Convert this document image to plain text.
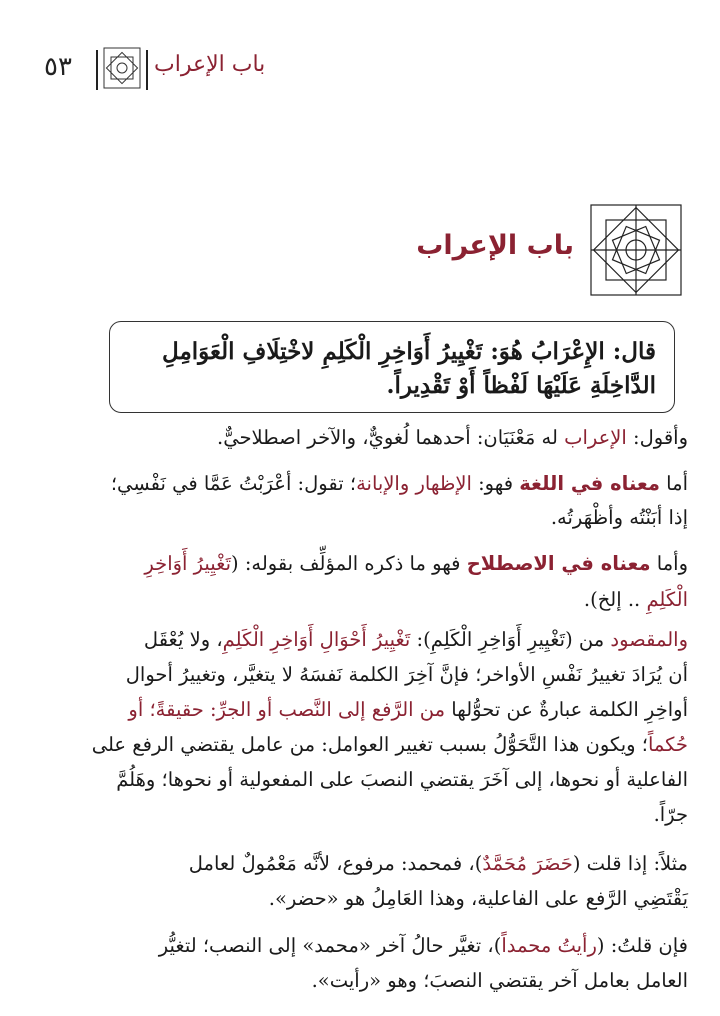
٥٣	باب الإعراب
باب الإعراب
قال: الإِعْرَابُ هُوَ: تَغْيِيرُ أَوَاخِرِ الْكَلِمِ لاخْتِلَافِ الْعَوَامِلِ
الدَّاخِلَةِ عَلَيْهَا لَفْظاً أَوْ تَقْدِيراً.
وأقول: الإعراب له مَعْنَيَان: أحدهما لُغويٌّ، والآخر اصطلاحيٌّ.
أما معناه في اللغة فهو: الإظهار والإبانة؛ تقول: أعْرَبْتُ عَمَّا في نَفْسِي؛
إذا أبَنْتُه وأظْهَرتُه.
وأما معناه في الاصطلاح فهو ما ذكره المؤلِّف بقوله: (تَغْيِيرُ أَوَاخِرِ
الْكَلِمِ .. إلخ).
والمقصود من (تَغْيِيرِ أَوَاخِرِ الْكَلِمِ): تَغْيِيرُ أَحْوَالِ أَوَاخِرِ الْكَلِمِ، ولا يُعْقَل
أن يُرَادَ تغييرُ نَفْسِ الأواخر؛ فإنَّ آخِرَ الكلمة نَفسَهُ لا يتغيَّر، وتغييرُ أحوال
أواخِرِ الكلمة عبارةٌ عن تحوُّلها من الرَّفع إلى النَّصب أو الجرِّ: حقيقةً؛ أو
حُكماً؛ ويكون هذا التَّحَوُّلُ بسبب تغيير العوامل: من عامل يقتضي الرفع على
الفاعلية أو نحوها، إلى آخَرَ يقتضي النصبَ على المفعولية أو نحوها؛ وهَلُمَّ
جرّاً.
مثلاً: إذا قلت (حَضَرَ مُحَمَّدٌ)، فمحمد: مرفوع، لأنَّه مَعْمُولٌ لعامل
يَقْتَضِي الرَّفع على الفاعلية، وهذا العَامِلُ هو «حضر».
فإن قلتُ: (رأيتُ محمداً)، تغيَّر حالُ آخر «محمد» إلى النصب؛ لتغيُّر
العامل بعامل آخر يقتضي النصبَ؛ وهو «رأيت».
